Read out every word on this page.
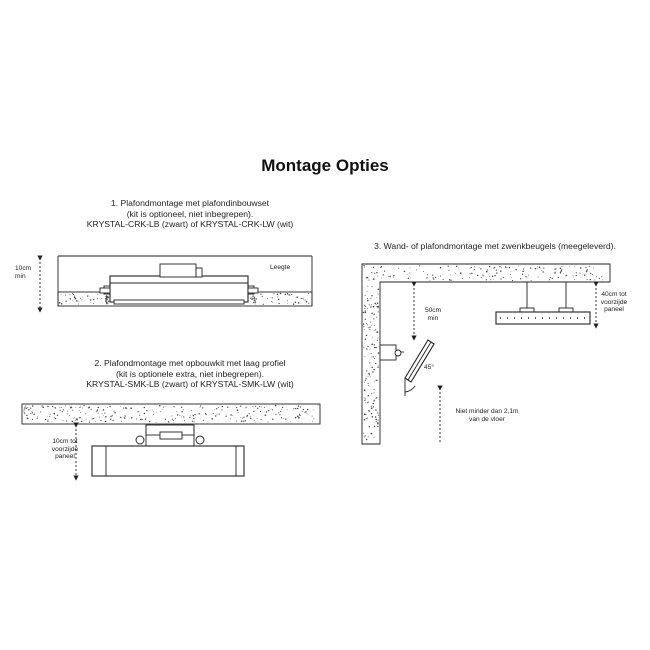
Montage Opties
1. Plafondmontage met plafondinbouwset
(kit is optioneel, niet inbegrepen).
KRYSTAL-CRK-LB (zwart) of KRYSTAL-CRK-LW (wit)
2. Plafondmontage met opbouwkit met laag profiel
(kit is optionele extra, niet inbegrepen).
KRYSTAL-SMK-LB (zwart) of KRYSTAL-SMK-LW (wit)
3. Wand- of plafondmontage met zwenkbeugels (meegeleverd).
10cm
min
Leegte
10cm tot
voorzijde
paneel
50cm
min
45°
40cm tot
voorzijde
paneel
Niet minder dan 2,1m
van de vloer
